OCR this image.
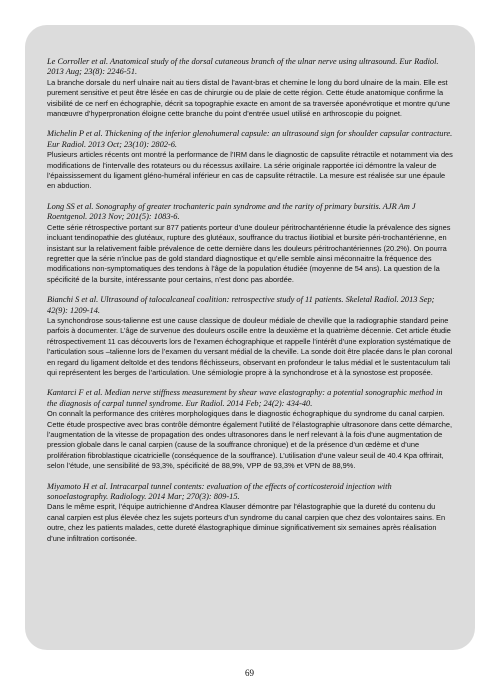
Le Corroller et al. Anatomical study of the dorsal cutaneous branch of the ulnar nerve using ultrasound. Eur Radiol. 2013 Aug; 23(8): 2246-51.

La branche dorsale du nerf ulnaire nait au tiers distal de l’avant-bras et chemine le long du bord ulnaire de la main. Elle est purement sensitive et peut être lésée en cas de chirurgie ou de plaie de cette région. Cette étude anatomique confirme la visibilité de ce nerf en échographie, décrit sa topographie exacte en amont de sa traversée aponévrotique et montre qu’une manœuvre d’hyperpronation éloigne cette branche du point d’entrée usuel utilisé en arthroscopie du poignet.

Michelin P et al. Thickening of the inferior glenohumeral capsule: an ultrasound sign for shoulder capsular contracture. Eur Radiol. 2013 Oct; 23(10): 2802-6.

Plusieurs articles récents ont montré la performance de l’IRM dans le diagnostic de capsulite rétractile et notamment via des modifications de l’intervalle des rotateurs ou du récessus axillaire. La série originale rapportée ici démontre la valeur de l’épaississement du ligament gléno-huméral inférieur en cas de capsulite rétractile. La mesure est réalisée sur une épaule en abduction.

Long SS et al. Sonography of greater trochanteric pain syndrome and the rarity of primary bursitis. AJR Am J Roentgenol. 2013 Nov; 201(5): 1083-6.

Cette série rétrospective portant sur 877 patients porteur d’une douleur péritrochantérienne étudie la prévalence des signes incluant tendinopathie des glutéaux, rupture des glutéaux, souffrance du tractus iliotibial et bursite péri-trochantérienne, en insistant sur la relativement faible prévalence de cette dernière dans les douleurs péritrochantériennes (20.2%). On pourra regretter que la série n’inclue pas de gold standard diagnostique et qu’elle semble ainsi méconnaitre la fréquence des modifications non-symptomatiques des tendons à l’âge de la population étudiée (moyenne de 54 ans). La question de la spécificité de la bursite, intéressante pour certains, n’est donc pas abordée.

Bianchi S et al. Ultrasound of talocalcaneal coalition: retrospective study of 11 patients. Skeletal Radiol. 2013 Sep; 42(9): 1209-14.

La synchondrose sous-talienne est une cause classique de douleur médiale de cheville que la radiographie standard peine parfois à documenter. L’âge de survenue des douleurs oscille entre la deuxième et la quatrième décennie. Cet article étudie rétrospectivement 11 cas découverts lors de l’examen échographique et rappelle l’intérêt d’une exploration systématique de l’articulation sous –talienne lors de l’examen du versant médial de la cheville. La sonde doit être placée dans le plan coronal en regard du ligament deltoïde et des tendons fléchisseurs, observant en profondeur le talus médial et le sustentaculum tali qui représentent les berges de l’articulation. Une sémiologie propre à la synchondrose et à la synostose est proposée.

Kantarci F et al. Median nerve stiffness measurement by shear wave elastography: a potential sonographic method in the diagnosis of carpal tunnel syndrome. Eur Radiol. 2014 Feb; 24(2): 434-40.

On connaît la performance des critères morphologiques dans le diagnostic échographique du syndrome du canal carpien. Cette étude prospective avec bras contrôle démontre également l’utilité de l’élastographie ultrasonore dans cette démarche, l’augmentation de la vitesse de propagation des ondes ultrasonores dans le nerf relevant à la fois d’une augmentation de pression globale dans le canal carpien (cause de la souffrance chronique) et de la présence d’un œdème et d’une prolifération fibroblastique cicatricielle (conséquence de la souffrance). L’utilisation d’une valeur seuil de 40.4 Kpa offrirait, selon l’étude, une sensibilité de 93,3%, spécificité de 88,9%, VPP de 93,3% et VPN de 88,9%.

Miyamoto H et al. Intracarpal tunnel contents: evaluation of the effects of corticosteroid injection with sonoelastography. Radiology. 2014 Mar; 270(3): 809-15.

Dans le même esprit, l’équipe autrichienne d’Andrea Klauser démontre par l’élastographie que la dureté du contenu du canal carpien est plus élevée chez les sujets porteurs d’un syndrome du canal carpien que chez des volontaires sains. En outre, chez les patients malades, cette dureté élastographique diminue significativement six semaines après réalisation d’une infiltration cortisonée.

69
